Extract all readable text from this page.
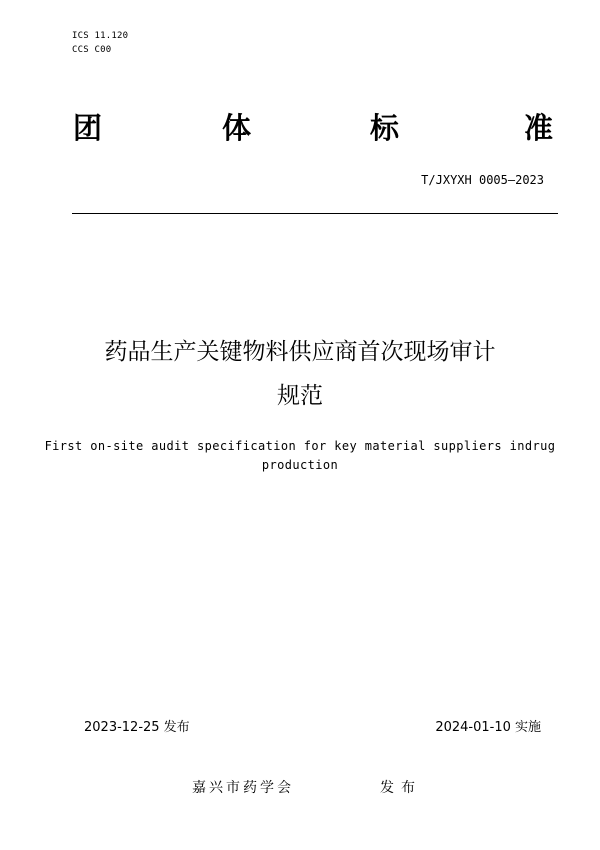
ICS 11.120
CCS C00
团	体	标	准
T/JXYXH 0005—2023
药品生产关键物料供应商首次现场审计
规范
First on-site audit specification for key material suppliers indrug
production
2023-12-25 发布	2024-01-10 实施
嘉兴市药学会	发布
